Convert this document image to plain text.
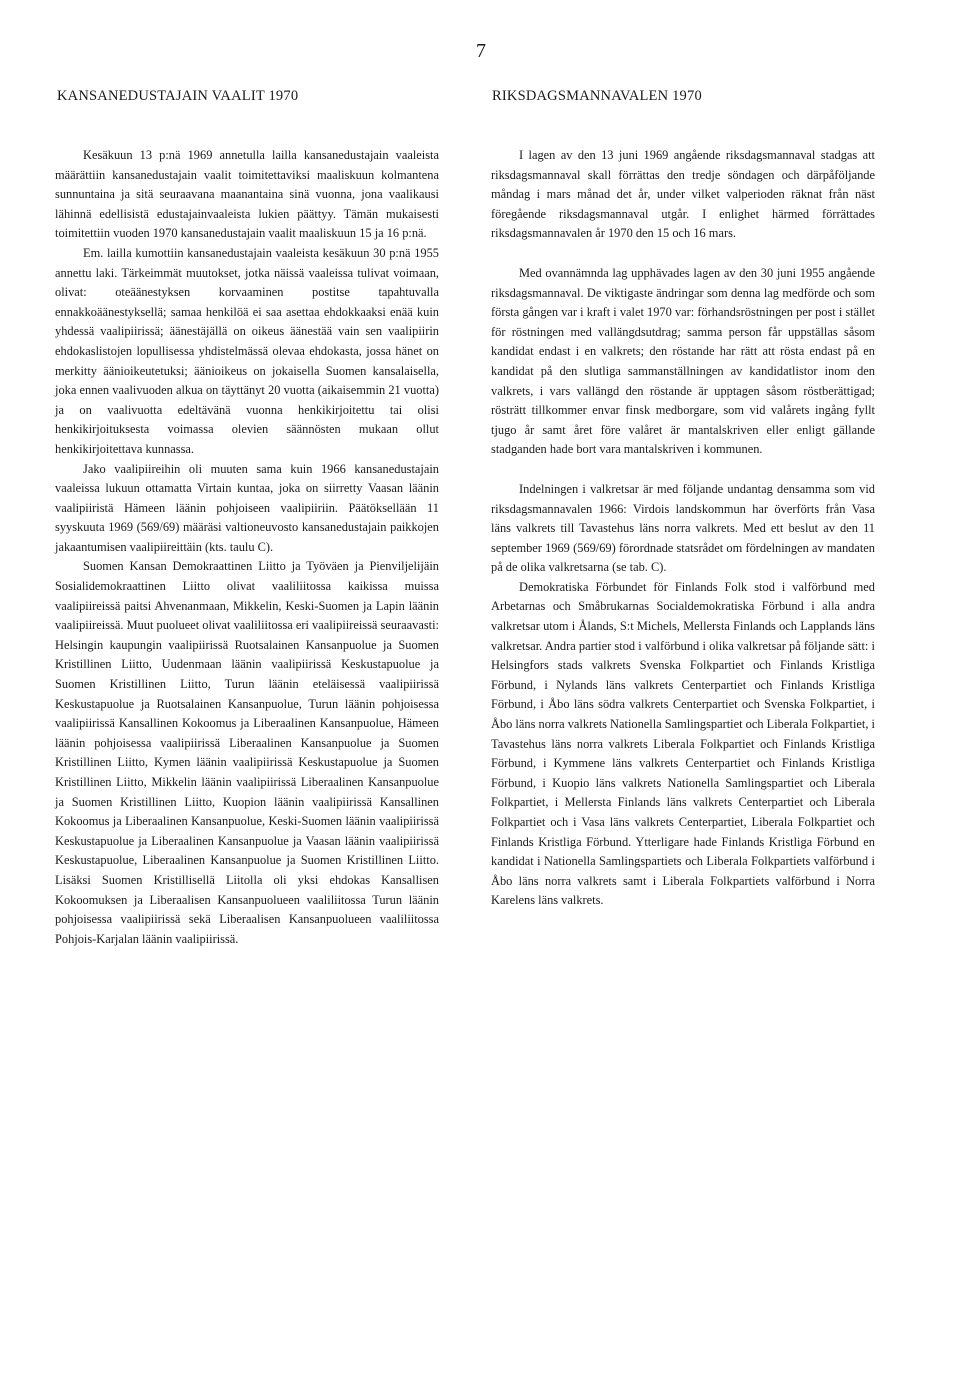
7
KANSANEDUSTAJAIN VAALIT 1970	RIKSDAGSMANNAVALEN 1970

Kesäkuun 13 p:nä 1969 annetulla lailla kansanedustajain vaaleista määrättiin kansanedustajain vaalit toimitettaviksi maaliskuun kolmantena sunnuntaina ja sitä seuraavana maanantaina sinä vuonna, jona vaalikausi lähinnä edellisistä edustajainvaaleista lukien päättyy. Tämän mukaisesti toimitettiin vuoden 1970 kansanedustajain vaalit maaliskuun 15 ja 16 p:nä.

Em. lailla kumottiin kansanedustajain vaaleista kesäkuun 30 p:nä 1955 annettu laki. Tärkeimmät muutokset, jotka näissä vaaleissa tulivat voimaan, olivat: oteäänestyksen korvaaminen postitse tapahtuvalla ennakkoäänestyksellä; samaa henkilöä ei saa asettaa ehdokkaaksi enää kuin yhdessä vaalipiirissä; äänestäjällä on oikeus äänestää vain sen vaalipiirin ehdokaslistojen lopullisessa yhdistelmässä olevaa ehdokasta, jossa hänet on merkitty äänioikeutetuksi; äänioikeus on jokaisella Suomen kansalaisella, joka ennen vaalivuoden alkua on täyttänyt 20 vuotta (aikaisemmin 21 vuotta) ja on vaalivuotta edeltävänä vuonna henkikirjoitettu tai olisi henkikirjoituksesta voimassa olevien säännösten mukaan ollut henkikirjoitettava kunnassa.

Jako vaalipiireihin oli muuten sama kuin 1966 kansanedustajain vaaleissa lukuun ottamatta Virtain kuntaa, joka on siirretty Vaasan läänin vaalipiiristä Hämeen läänin pohjoiseen vaalipiiriin. Päätöksellään 11 syyskuuta 1969 (569/69) määräsi valtioneuvosto kansanedustajain paikkojen jakaantumisen vaalipiireittäin (kts. taulu C).

Suomen Kansan Demokraattinen Liitto ja Työväen ja Pienviljelijäin Sosialidemokraattinen Liitto olivat vaaliliitossa kaikissa muissa vaalipiireissä paitsi Ahvenanmaan, Mikkelin, Keski-Suomen ja Lapin läänin vaalipiireissä. Muut puolueet olivat vaaliliitossa eri vaalipiireissä seuraavasti: Helsingin kaupungin vaalipiirissä Ruotsalainen Kansanpuolue ja Suomen Kristillinen Liitto, Uudenmaan läänin vaalipiirissä Keskustapuolue ja Suomen Kristillinen Liitto, Turun läänin eteläisessä vaalipiirissä Keskustapuolue ja Ruotsalainen Kansanpuolue, Turun läänin pohjoisessa vaalipiirissä Kansallinen Kokoomus ja Liberaalinen Kansanpuolue, Hämeen läänin pohjoisessa vaalipiirissä Liberaalinen Kansanpuolue ja Suomen Kristillinen Liitto, Kymen läänin vaalipiirissä Keskustapuolue ja Suomen Kristillinen Liitto, Mikkelin läänin vaalipiirissä Liberaalinen Kansanpuolue ja Suomen Kristillinen Liitto, Kuopion läänin vaalipiirissä Kansallinen Kokoomus ja Liberaalinen Kansanpuolue, Keski-Suomen läänin vaalipiirissä Keskustapuolue ja Liberaalinen Kansanpuolue ja Vaasan läänin vaalipiirissä Keskustapuolue, Liberaalinen Kansanpuolue ja Suomen Kristillinen Liitto. Lisäksi Suomen Kristillisellä Liitolla oli yksi ehdokas Kansallisen Kokoomuksen ja Liberaalisen Kansanpuolueen vaaliliitossa Turun läänin pohjoisessa vaalipiirissä sekä Liberaalisen Kansanpuolueen vaaliliitossa Pohjois-Karjalan läänin vaalipiirissä.

I lagen av den 13 juni 1969 angående riksdagsmannaval stadgas att riksdagsmannaval skall förrättas den tredje söndagen och därpåföljande måndag i mars månad det år, under vilket valperioden räknat från näst föregående riksdagsmannaval utgår. I enlighet härmed förrättades riksdagsmannavalen år 1970 den 15 och 16 mars.

Med ovannämnda lag upphävades lagen av den 30 juni 1955 angående riksdagsmannaval. De viktigaste ändringar som denna lag medförde och som första gången var i kraft i valet 1970 var: förhandsröstningen per post i stället för röstningen med vallängdsutdrag; samma person får uppställas såsom kandidat endast i en valkrets; den röstande har rätt att rösta endast på en kandidat på den slutliga sammanställningen av kandidatlistor inom den valkrets, i vars vallängd den röstande är upptagen såsom röstberättigad; rösträtt tillkommer envar finsk medborgare, som vid valårets ingång fyllt tjugo år samt året före valåret är mantalskriven eller enligt gällande stadganden hade bort vara mantalskriven i kommunen.

Indelningen i valkretsar är med följande undantag densamma som vid riksdagsmannavalen 1966: Virdois landskommun har överförts från Vasa läns valkrets till Tavastehus läns norra valkrets. Med ett beslut av den 11 september 1969 (569/69) förordnade statsrådet om fördelningen av mandaten på de olika valkretsarna (se tab. C).

Demokratiska Förbundet för Finlands Folk stod i valförbund med Arbetarnas och Småbrukarnas Socialdemokratiska Förbund i alla andra valkretsar utom i Ålands, S:t Michels, Mellersta Finlands och Lapplands läns valkretsar. Andra partier stod i valförbund i olika valkretsar på följande sätt: i Helsingfors stads valkrets Svenska Folkpartiet och Finlands Kristliga Förbund, i Nylands läns valkrets Centerpartiet och Finlands Kristliga Förbund, i Åbo läns södra valkrets Centerpartiet och Svenska Folkpartiet, i Åbo läns norra valkrets Nationella Samlingspartiet och Liberala Folkpartiet, i Tavastehus läns norra valkrets Liberala Folkpartiet och Finlands Kristliga Förbund, i Kymmene läns valkrets Centerpartiet och Finlands Kristliga Förbund, i Kuopio läns valkrets Nationella Samlingspartiet och Liberala Folkpartiet, i Mellersta Finlands läns valkrets Centerpartiet och Liberala Folkpartiet och i Vasa läns valkrets Centerpartiet, Liberala Folkpartiet och Finlands Kristliga Förbund. Ytterligare hade Finlands Kristliga Förbund en kandidat i Nationella Samlingspartiets och Liberala Folkpartiets valförbund i Åbo läns norra valkrets samt i Liberala Folkpartiets valförbund i Norra Karelens läns valkrets.
